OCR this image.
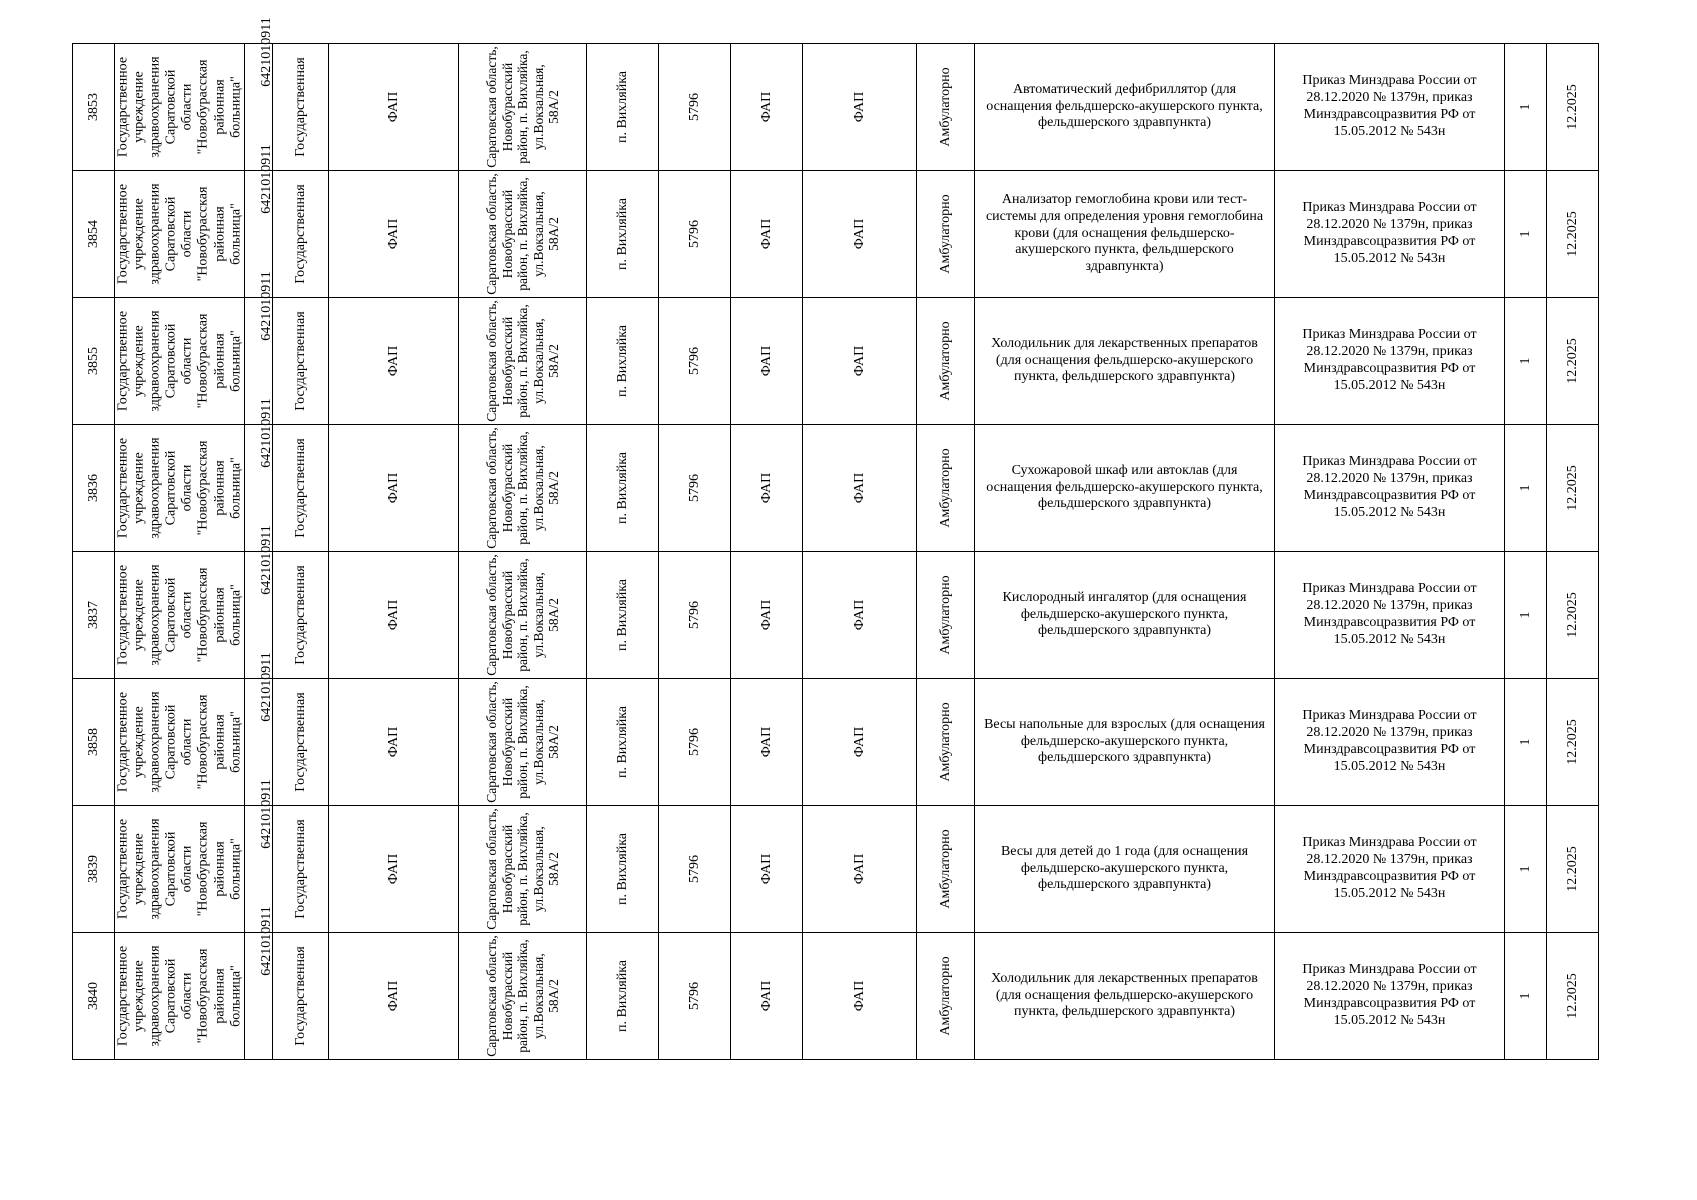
3853	Государственное учреждение здравоохранения Саратовской области "Новобурасская районная больница"	6421010911	Государственная	ФАП	Саратовская область, Новобурасский район, п. Вихляйка, ул.Вокзальная, 58А/2	п. Вихляйка	5796	ФАП	ФАП	Амбулаторно	Автоматический дефибриллятор (для оснащения фельдшерско-акушерского пункта, фельдшерского здравпункта)	Приказ Минздрава России от 28.12.2020 № 1379н, приказ Минздравсоцразвития РФ от 15.05.2012 № 543н	1	12.2025

3854	Государственное учреждение здравоохранения Саратовской области "Новобурасская районная больница"	6421010911	Государственная	ФАП	Саратовская область, Новобурасский район, п. Вихляйка, ул.Вокзальная, 58А/2	п. Вихляйка	5796	ФАП	ФАП	Амбулаторно	Анализатор гемоглобина крови или тест-системы для определения уровня гемоглобина крови (для оснащения фельдшерско-акушерского пункта, фельдшерского здравпункта)	Приказ Минздрава России от 28.12.2020 № 1379н, приказ Минздравсоцразвития РФ от 15.05.2012 № 543н	1	12.2025

3855	Государственное учреждение здравоохранения Саратовской области "Новобурасская районная больница"	6421010911	Государственная	ФАП	Саратовская область, Новобурасский район, п. Вихляйка, ул.Вокзальная, 58А/2	п. Вихляйка	5796	ФАП	ФАП	Амбулаторно	Холодильник для лекарственных препаратов (для оснащения фельдшерско-акушерского пункта, фельдшерского здравпункта)	Приказ Минздрава России от 28.12.2020 № 1379н, приказ Минздравсоцразвития РФ от 15.05.2012 № 543н	1	12.2025

3836	Государственное учреждение здравоохранения Саратовской области "Новобурасская районная больница"	6421010911	Государственная	ФАП	Саратовская область, Новобурасский район, п. Вихляйка, ул.Вокзальная, 58А/2	п. Вихляйка	5796	ФАП	ФАП	Амбулаторно	Сухожаровой шкаф или автоклав (для оснащения фельдшерско-акушерского пункта, фельдшерского здравпункта)	Приказ Минздрава России от 28.12.2020 № 1379н, приказ Минздравсоцразвития РФ от 15.05.2012 № 543н	1	12.2025

3837	Государственное учреждение здравоохранения Саратовской области "Новобурасская районная больница"	6421010911	Государственная	ФАП	Саратовская область, Новобурасский район, п. Вихляйка, ул.Вокзальная, 58А/2	п. Вихляйка	5796	ФАП	ФАП	Амбулаторно	Кислородный ингалятор (для оснащения фельдшерско-акушерского пункта, фельдшерского здравпункта)	Приказ Минздрава России от 28.12.2020 № 1379н, приказ Минздравсоцразвития РФ от 15.05.2012 № 543н	1	12.2025

3858	Государственное учреждение здравоохранения Саратовской области "Новобурасская районная больница"	6421010911	Государственная	ФАП	Саратовская область, Новобурасский район, п. Вихляйка, ул.Вокзальная, 58А/2	п. Вихляйка	5796	ФАП	ФАП	Амбулаторно	Весы напольные для взрослых (для оснащения фельдшерско-акушерского пункта, фельдшерского здравпункта)	Приказ Минздрава России от 28.12.2020 № 1379н, приказ Минздравсоцразвития РФ от 15.05.2012 № 543н	1	12.2025

3839	Государственное учреждение здравоохранения Саратовской области "Новобурасская районная больница"	6421010911	Государственная	ФАП	Саратовская область, Новобурасский район, п. Вихляйка, ул.Вокзальная, 58А/2	п. Вихляйка	5796	ФАП	ФАП	Амбулаторно	Весы для детей до 1 года (для оснащения фельдшерско-акушерского пункта, фельдшерского здравпункта)	Приказ Минздрава России от 28.12.2020 № 1379н, приказ Минздравсоцразвития РФ от 15.05.2012 № 543н	1	12.2025

3840	Государственное учреждение здравоохранения Саратовской области "Новобурасская районная больница"	6421010911	Государственная	ФАП	Саратовская область, Новобурасский район, п. Вихляйка, ул.Вокзальная, 58А/2	п. Вихляйка	5796	ФАП	ФАП	Амбулаторно	Холодильник для лекарственных препаратов (для оснащения фельдшерско-акушерского пункта, фельдшерского здравпункта)	Приказ Минздрава России от 28.12.2020 № 1379н, приказ Минздравсоцразвития РФ от 15.05.2012 № 543н	1	12.2025
